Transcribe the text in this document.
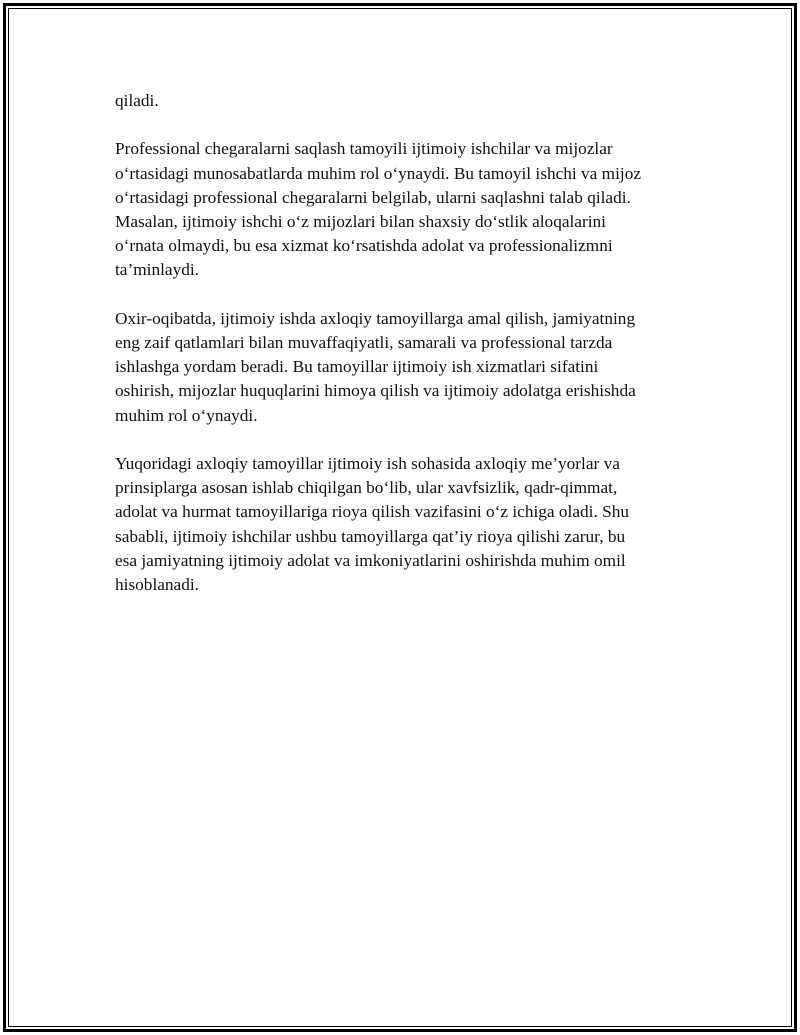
qiladi.

Professional chegaralarni saqlash tamoyili ijtimoiy ishchilar va mijozlar
o‘rtasidagi munosabatlarda muhim rol o‘ynaydi. Bu tamoyil ishchi va mijoz
o‘rtasidagi professional chegaralarni belgilab, ularni saqlashni talab qiladi.
Masalan, ijtimoiy ishchi o‘z mijozlari bilan shaxsiy do‘stlik aloqalarini
o‘rnata olmaydi, bu esa xizmat ko‘rsatishda adolat va professionalizmni
ta’minlaydi.

Oxir-oqibatda, ijtimoiy ishda axloqiy tamoyillarga amal qilish, jamiyatning
eng zaif qatlamlari bilan muvaffaqiyatli, samarali va professional tarzda
ishlashga yordam beradi. Bu tamoyillar ijtimoiy ish xizmatlari sifatini
oshirish, mijozlar huquqlarini himoya qilish va ijtimoiy adolatga erishishda
muhim rol o‘ynaydi.

Yuqoridagi axloqiy tamoyillar ijtimoiy ish sohasida axloqiy me’yorlar va
prinsiplarga asosan ishlab chiqilgan bo‘lib, ular xavfsizlik, qadr-qimmat,
adolat va hurmat tamoyillariga rioya qilish vazifasini o‘z ichiga oladi. Shu
sababli, ijtimoiy ishchilar ushbu tamoyillarga qat’iy rioya qilishi zarur, bu
esa jamiyatning ijtimoiy adolat va imkoniyatlarini oshirishda muhim omil
hisoblanadi.
